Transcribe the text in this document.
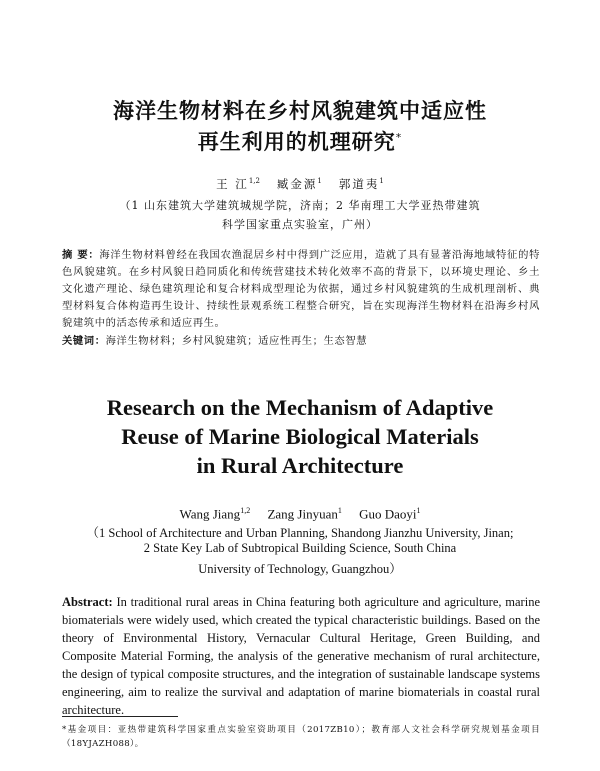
海洋生物材料在乡村风貌建筑中适应性
再生利用的机理研究*
王 江$^{1,2}$ 臧金源$^1$ 郭道夷$^1$
（1 山东建筑大学建筑城规学院，济南；2 华南理工大学亚热带建筑
科学国家重点实验室，广州）
摘 要：海洋生物材料曾经在我国农渔混居乡村中得到广泛应用，造就了具有显著沿海地域特征的特色风貌建筑。在乡村风貌日趋同质化和传统营建技术转化效率不高的背景下，以环境史理论、乡土文化遗产理论、绿色建筑理论和复合材料成型理论为依据，通过乡村风貌建筑的生成机理剖析、典型材料复合体构造再生设计、持续性景观系统工程整合研究，旨在实现海洋生物材料在沿海乡村风貌建筑中的活态传承和适应再生。
关键词：海洋生物材料；乡村风貌建筑；适应性再生；生态智慧
Research on the Mechanism of Adaptive
Reuse of Marine Biological Materials
in Rural Architecture
Wang Jiang$^{1,2}$ Zang Jinyuan$^1$ Guo Daoyi$^1$
（1 School of Architecture and Urban Planning, Shandong Jianzhu University, Jinan;
2 State Key Lab of Subtropical Building Science, South China
University of Technology, Guangzhou）
Abstract: In traditional rural areas in China featuring both agriculture and agriculture, marine biomaterials were widely used, which created the typical characteristic buildings. Based on the theory of Environmental History, Vernacular Cultural Heritage, Green Building, and Composite Material Forming, the analysis of the generative mechanism of rural architecture, the design of typical composite structures, and the integration of sustainable landscape systems engineering, aim to realize the survival and adaptation of marine biomaterials in coastal rural architecture.
*基金项目：亚热带建筑科学国家重点实验室资助项目（2017ZB10）；教育部人文社会科学研究规划基金项目（18YJAZH088）。
